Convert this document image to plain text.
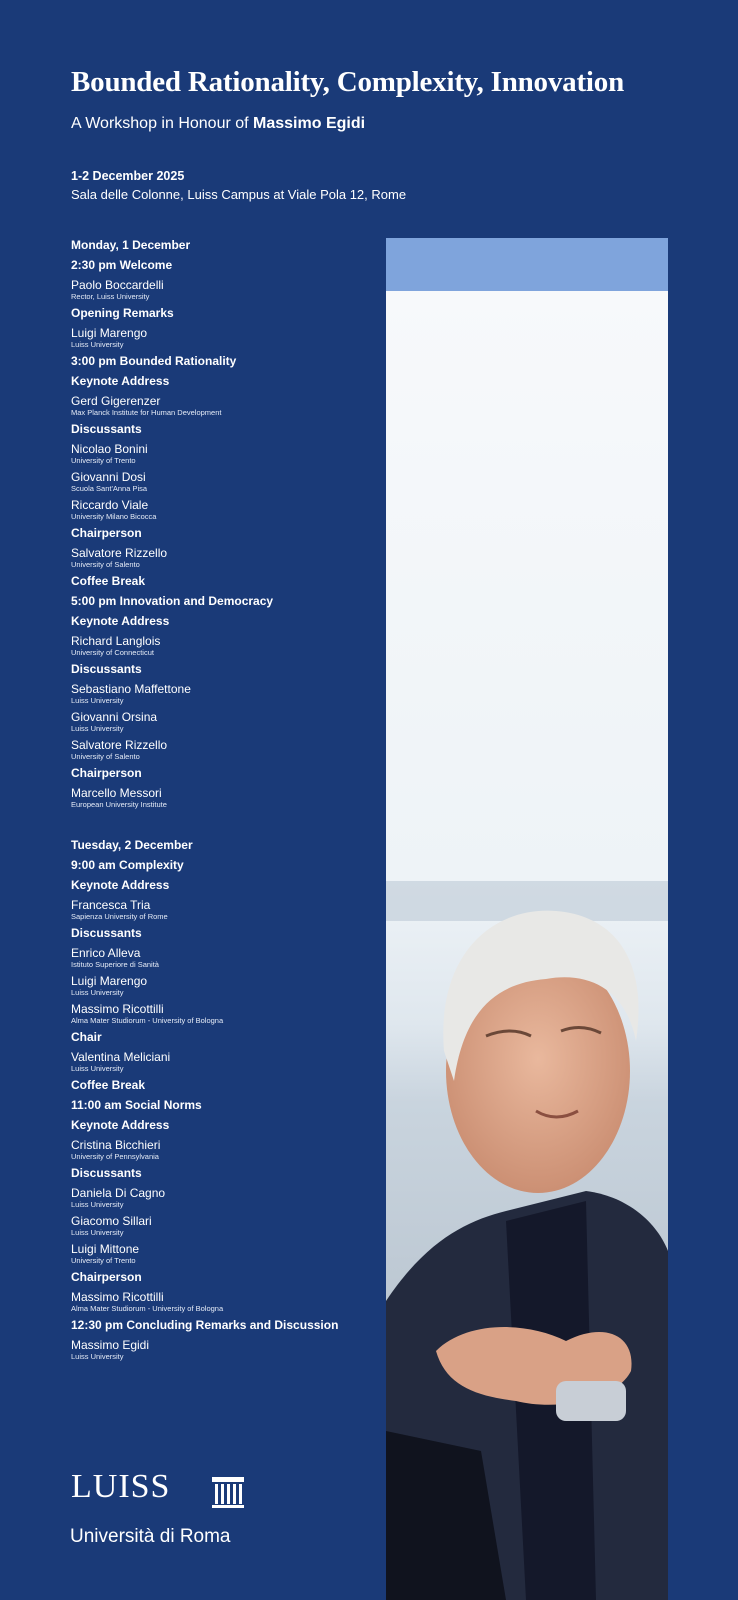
Bounded Rationality, Complexity, Innovation
A Workshop in Honour of Massimo Egidi
1-2 December 2025
Sala delle Colonne, Luiss Campus at Viale Pola 12, Rome
Monday, 1 December
2:30 pm Welcome
Paolo Boccardelli
Rector, Luiss University
Opening Remarks
Luigi Marengo
Luiss University
3:00 pm Bounded Rationality
Keynote Address
Gerd Gigerenzer
Max Planck Institute for Human Development
Discussants
Nicolao Bonini
University of Trento
Giovanni Dosi
Scuola Sant'Anna Pisa
Riccardo Viale
University Milano Bicocca
Chairperson
Salvatore Rizzello
University of Salento
Coffee Break
5:00 pm Innovation and Democracy
Keynote Address
Richard Langlois
University of Connecticut
Discussants
Sebastiano Maffettone
Luiss University
Giovanni Orsina
Luiss University
Salvatore Rizzello
University of Salento
Chairperson
Marcello Messori
European University Institute
Tuesday, 2 December
9:00 am Complexity
Keynote Address
Francesca Tria
Sapienza University of Rome
Discussants
Enrico Alleva
Istituto Superiore di Sanità
Luigi Marengo
Luiss University
Massimo Ricottilli
Alma Mater Studiorum - University of Bologna
Chair
Valentina Meliciani
Luiss University
Coffee Break
11:00 am Social Norms
Keynote Address
Cristina Bicchieri
University of Pennsylvania
Discussants
Daniela Di Cagno
Luiss University
Giacomo Sillari
Luiss University
Luigi Mittone
University of Trento
Chairperson
Massimo Ricottilli
Alma Mater Studiorum - University of Bologna
12:30 pm Concluding Remarks and Discussion
Massimo Egidi
Luiss University
LUISS
Università di Roma
